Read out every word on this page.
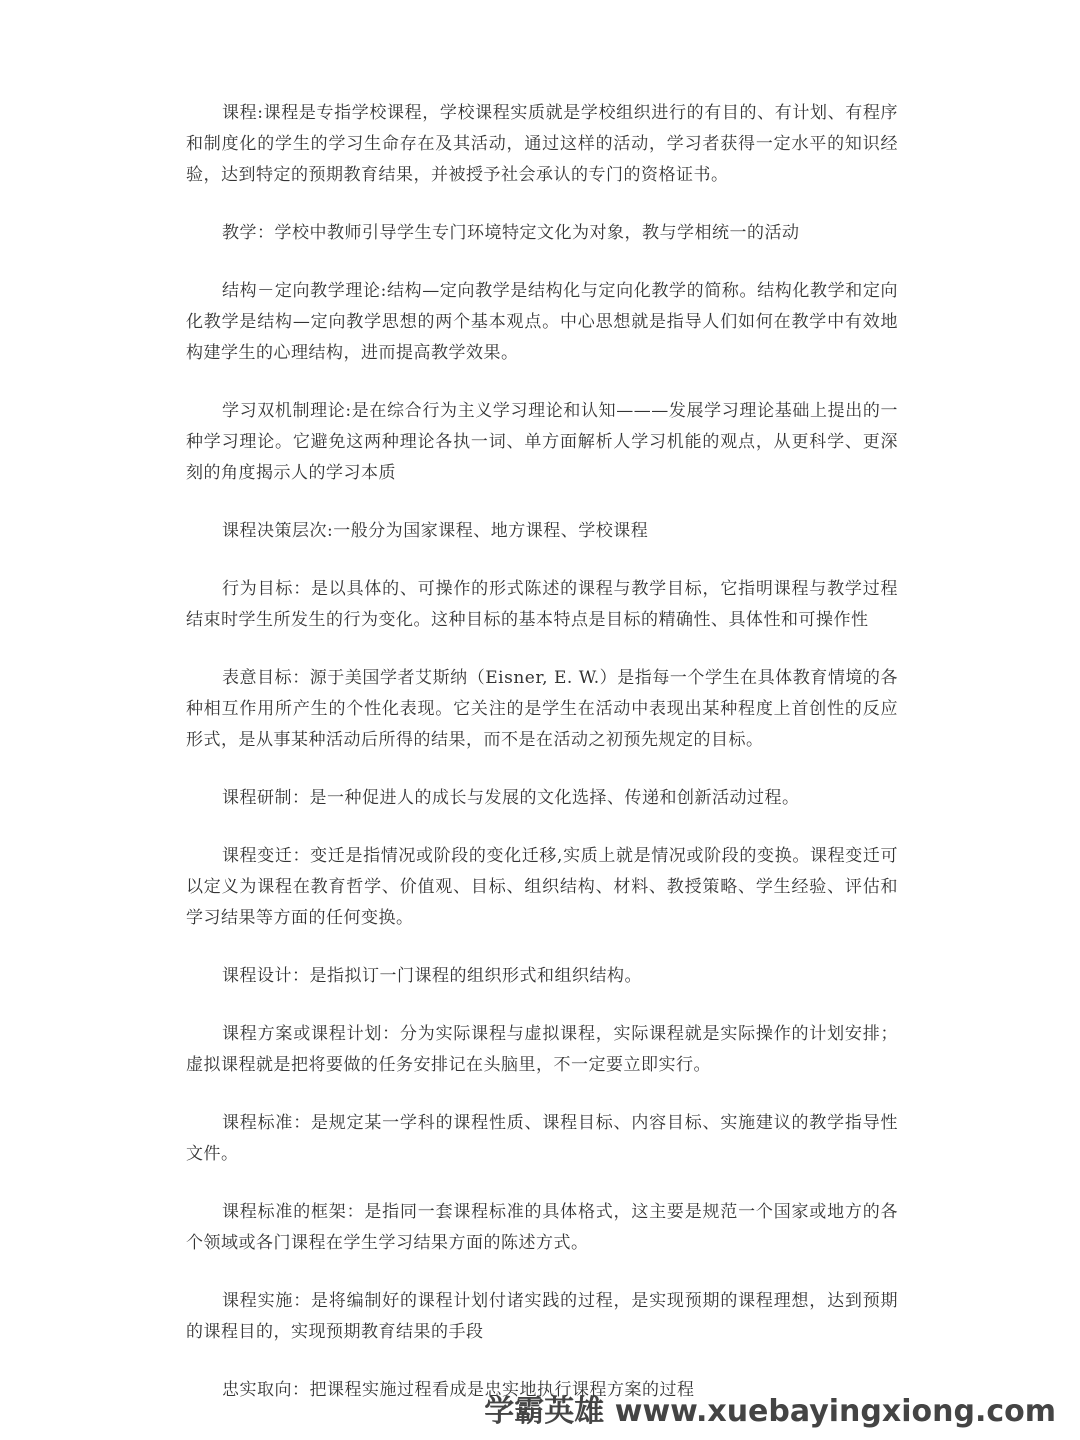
课程:课程是专指学校课程，学校课程实质就是学校组织进行的有目的、有计划、有程序和制度化的学生的学习生命存在及其活动，通过这样的活动，学习者获得一定水平的知识经验，达到特定的预期教育结果，并被授予社会承认的专门的资格证书。

教学：学校中教师引导学生专门环境特定文化为对象，教与学相统一的活动

结构－定向教学理论:结构—定向教学是结构化与定向化教学的简称。结构化教学和定向化教学是结构—定向教学思想的两个基本观点。中心思想就是指导人们如何在教学中有效地构建学生的心理结构，进而提高教学效果。

学习双机制理论:是在综合行为主义学习理论和认知———发展学习理论基础上提出的一种学习理论。它避免这两种理论各执一词、单方面解析人学习机能的观点，从更科学、更深刻的角度揭示人的学习本质

课程决策层次:一般分为国家课程、地方课程、学校课程

行为目标：是以具体的、可操作的形式陈述的课程与教学目标，它指明课程与教学过程结束时学生所发生的行为变化。这种目标的基本特点是目标的精确性、具体性和可操作性

表意目标：源于美国学者艾斯纳（Eisner, E. W.）是指每一个学生在具体教育情境的各种相互作用所产生的个性化表现。它关注的是学生在活动中表现出某种程度上首创性的反应形式，是从事某种活动后所得的结果，而不是在活动之初预先规定的目标。

课程研制：是一种促进人的成长与发展的文化选择、传递和创新活动过程。

课程变迁：变迁是指情况或阶段的变化迁移,实质上就是情况或阶段的变换。课程变迁可以定义为课程在教育哲学、价值观、目标、组织结构、材料、教授策略、学生经验、评估和学习结果等方面的任何变换。

课程设计：是指拟订一门课程的组织形式和组织结构。

课程方案或课程计划：分为实际课程与虚拟课程，实际课程就是实际操作的计划安排；虚拟课程就是把将要做的任务安排记在头脑里，不一定要立即实行。

课程标准：是规定某一学科的课程性质、课程目标、内容目标、实施建议的教学指导性文件。

课程标准的框架：是指同一套课程标准的具体格式，这主要是规范一个国家或地方的各个领域或各门课程在学生学习结果方面的陈述方式。

课程实施：是将编制好的课程计划付诸实践的过程，是实现预期的课程理想，达到预期的课程目的，实现预期教育结果的手段

忠实取向：把课程实施过程看成是忠实地执行课程方案的过程

学霸英雄 www.xuebayingxiong.com
